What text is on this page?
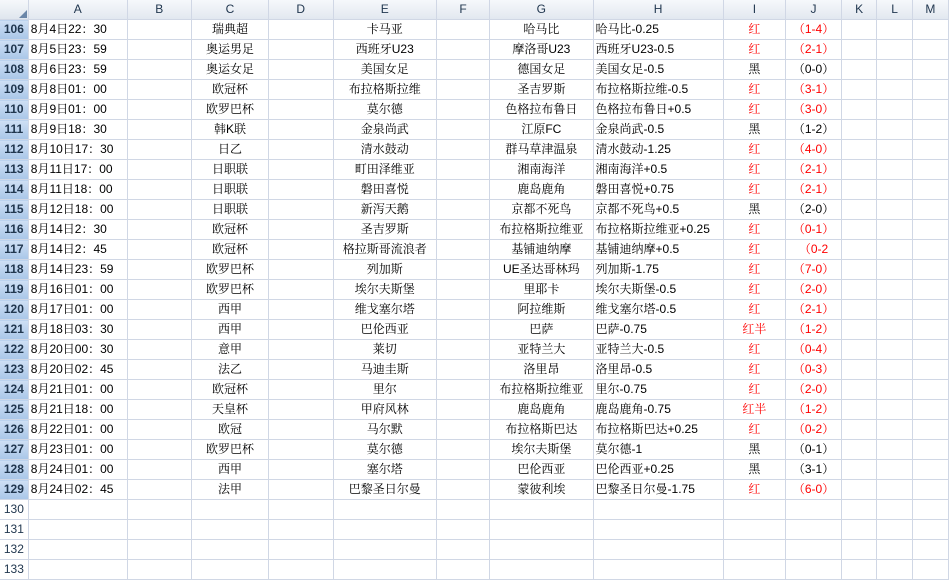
	A	B	C	D	E	F	G	H	I	J	K	L	M
106	8月4日22：30		瑞典超		卡马亚		哈马比	哈马比-0.25	红	（1-4）			
107	8月5日23：59		奥运男足		西班牙U23		摩洛哥U23	西班牙U23-0.5	红	（2-1）			
108	8月6日23：59		奥运女足		美国女足		德国女足	美国女足-0.5	黑	（0-0）			
109	8月8日01：00		欧冠杯		布拉格斯拉维		圣吉罗斯	布拉格斯拉维-0.5	红	（3-1）			
110	8月9日01：00		欧罗巴杯		莫尔德		色格拉布鲁日	色格拉布鲁日+0.5	红	（3-0）			
111	8月9日18：30		韩K联		金泉尚武		江原FC	金泉尚武-0.5	黑	（1-2）			
112	8月10日17：30		日乙		清水鼓动		群马草津温泉	清水鼓动-1.25	红	（4-0）			
113	8月11日17：00		日职联		町田泽维亚		湘南海洋	湘南海洋+0.5	红	（2-1）			
114	8月11日18：00		日职联		磐田喜悦		鹿岛鹿角	磐田喜悦+0.75	红	（2-1）			
115	8月12日18：00		日职联		新泻天鹅		京都不死鸟	京都不死鸟+0.5	黑	（2-0）			
116	8月14日2：30		欧冠杯		圣吉罗斯		布拉格斯拉维亚	布拉格斯拉维亚+0.25	红	（0-1）			
117	8月14日2：45		欧冠杯		格拉斯哥流浪者		基铺迪纳摩	基铺迪纳摩+0.5	红	（0-2			
118	8月14日23：59		欧罗巴杯		列加斯		UE圣达哥林玛	列加斯-1.75	红	（7-0）			
119	8月16日01：00		欧罗巴杯		埃尔夫斯堡		里耶卡	埃尔夫斯堡-0.5	红	（2-0）			
120	8月17日01：00		西甲		维戈塞尔塔		阿拉维斯	维戈塞尔塔-0.5	红	（2-1）			
121	8月18日03：30		西甲		巴伦西亚		巴萨	巴萨-0.75	红半	（1-2）			
122	8月20日00：30		意甲		莱切		亚特兰大	亚特兰大-0.5	红	（0-4）			
123	8月20日02：45		法乙		马迪圭斯		洛里昂	洛里昂-0.5	红	（0-3）			
124	8月21日01：00		欧冠杯		里尔		布拉格斯拉维亚	里尔-0.75	红	（2-0）			
125	8月21日18：00		天皇杯		甲府风林		鹿岛鹿角	鹿岛鹿角-0.75	红半	（1-2）			
126	8月22日01：00		欧冠		马尔默		布拉格斯巴达	布拉格斯巴达+0.25	红	（0-2）			
127	8月23日01：00		欧罗巴杯		莫尔德		埃尔夫斯堡	莫尔德-1	黑	（0-1）			
128	8月24日01：00		西甲		塞尔塔		巴伦西亚	巴伦西亚+0.25	黑	（3-1）			
129	8月24日02：45		法甲		巴黎圣日尔曼		蒙彼利埃	巴黎圣日尔曼-1.75	红	（6-0）			
130													
131													
132													
133													
